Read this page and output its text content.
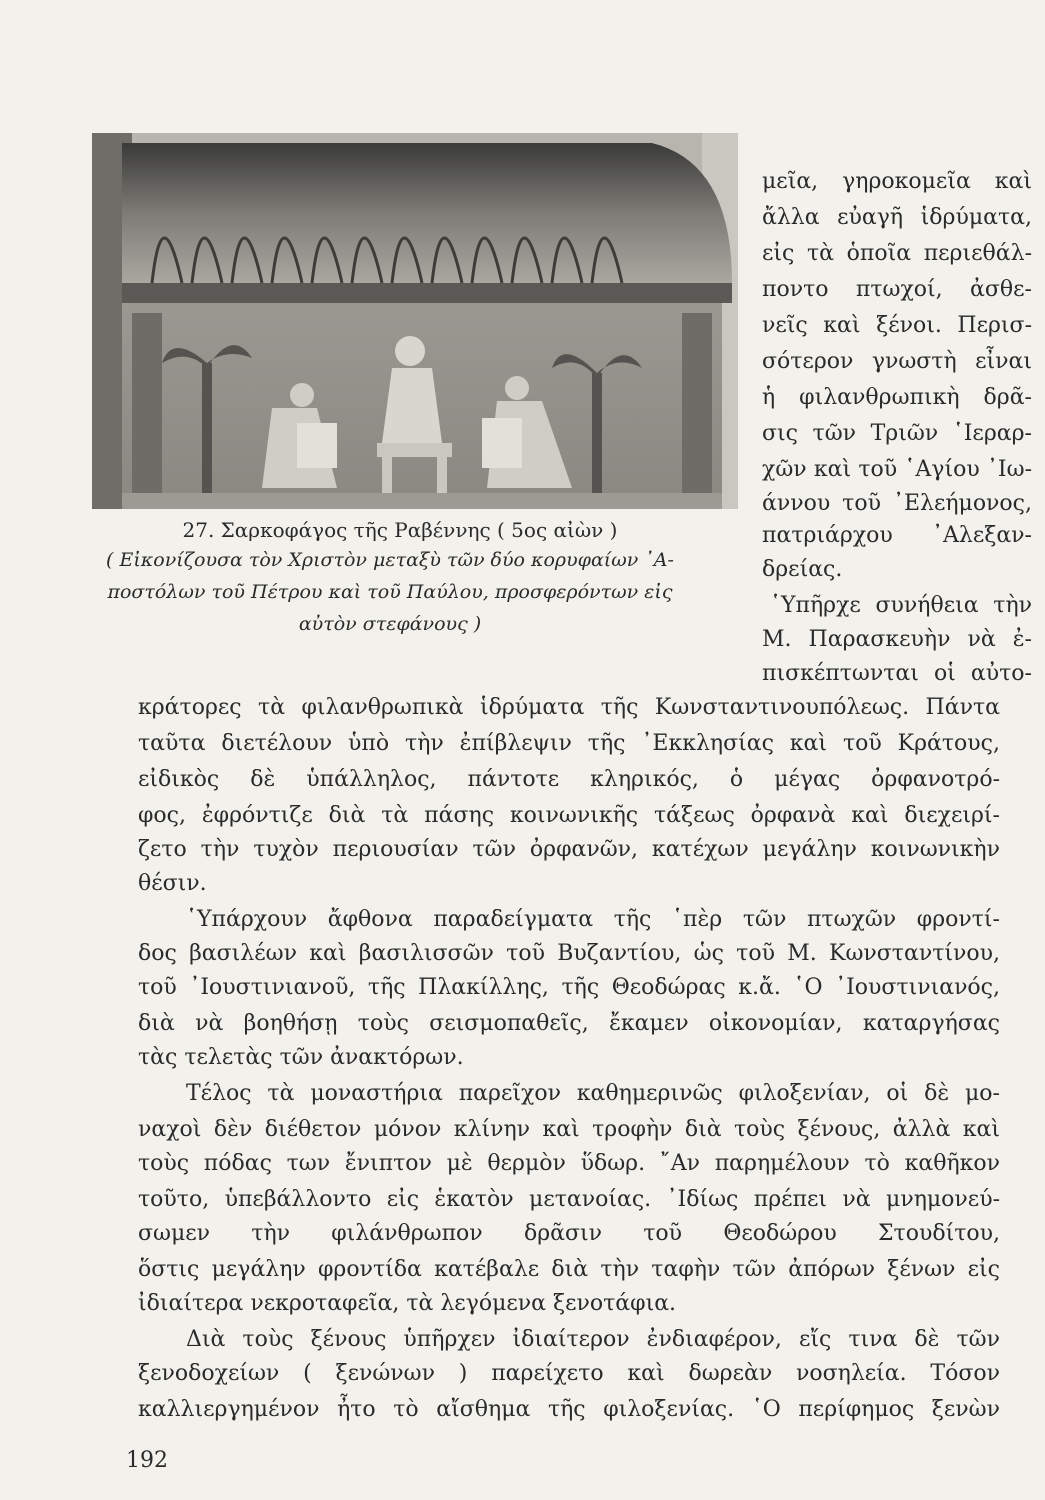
27. Σαρκοφάγος τῆς Ραβέννης ( 5ος αἰὼν )
( Εἰκονίζουσα τὸν Χριστὸν μεταξὺ τῶν δύο κορυφαίων ᾿Α-
ποστόλων τοῦ Πέτρου καὶ τοῦ Παύλου, προσφερόντων εἰς
αὐτὸν στεφάνους )
μεῖα, γηροκομεῖα καὶ
ἄλλα εὐαγῆ ἱδρύματα,
εἰς τὰ ὁποῖα περιεθάλ-
ποντο πτωχοί, ἀσθε-
νεῖς καὶ ξένοι. Περισ-
σότερον γνωστὴ εἶναι
ἡ φιλανθρωπικὴ δρᾶ-
σις τῶν Τριῶν ῾Ιεραρ-
χῶν καὶ τοῦ ῾Αγίου ᾿Ιω-
άννου τοῦ ᾿Ελεήμονος,
πατριάρχου ᾿Αλεξαν-
δρείας.
῾Υπῆρχε συνήθεια τὴν
Μ. Παρασκευὴν νὰ ἐ-
πισκέπτωνται οἱ αὐτο-
κράτορες τὰ φιλανθρωπικὰ ἱδρύματα τῆς Κωνσταντινουπόλεως. Πάντα
ταῦτα διετέλουν ὑπὸ τὴν ἐπίβλεψιν τῆς ᾿Εκκλησίας καὶ τοῦ Κράτους,
εἰδικὸς δὲ ὑπάλληλος, πάντοτε κληρικός, ὁ μέγας ὀρφανοτρό-
φος, ἐφρόντιζε διὰ τὰ πάσης κοινωνικῆς τάξεως ὀρφανὰ καὶ διεχειρί-
ζετο τὴν τυχὸν περιουσίαν τῶν ὀρφανῶν, κατέχων μεγάλην κοινωνικὴν
θέσιν.
῾Υπάρχουν ἄφθονα παραδείγματα τῆς ῾πὲρ τῶν πτωχῶν φροντί-
δος βασιλέων καὶ βασιλισσῶν τοῦ Βυζαντίου, ὡς τοῦ Μ. Κωνσταντίνου,
τοῦ ᾿Ιουστινιανοῦ, τῆς Πλακίλλης, τῆς Θεοδώρας κ.ἄ. ῾Ο ᾿Ιουστινιανός,
διὰ νὰ βοηθήσῃ τοὺς σεισμοπαθεῖς, ἔκαμεν οἰκονομίαν, καταργήσας
τὰς τελετὰς τῶν ἀνακτόρων.
Τέλος τὰ μοναστήρια παρεῖχον καθημερινῶς φιλοξενίαν, οἱ δὲ μο-
ναχοὶ δὲν διέθετον μόνον κλίνην καὶ τροφὴν διὰ τοὺς ξένους, ἀλλὰ καὶ
τοὺς πόδας των ἔνιπτον μὲ θερμὸν ὕδωρ. ῎Αν παρημέλουν τὸ καθῆκον
τοῦτο, ὑπεβάλλοντο εἰς ἑκατὸν μετανοίας. ᾿Ιδίως πρέπει νὰ μνημονεύ-
σωμεν τὴν φιλάνθρωπον δρᾶσιν τοῦ Θεοδώρου Στουδίτου,
ὅστις μεγάλην φροντίδα κατέβαλε διὰ τὴν ταφὴν τῶν ἀπόρων ξένων εἰς
ἰδιαίτερα νεκροταφεῖα, τὰ λεγόμενα ξενοτάφια.
Διὰ τοὺς ξένους ὑπῆρχεν ἰδιαίτερον ἐνδιαφέρον, εἴς τινα δὲ τῶν
ξενοδοχείων ( ξενώνων ) παρείχετο καὶ δωρεὰν νοσηλεία. Τόσον
καλλιεργημένον ἦτο τὸ αἴσθημα τῆς φιλοξενίας. ῾Ο περίφημος ξενὼν
192
